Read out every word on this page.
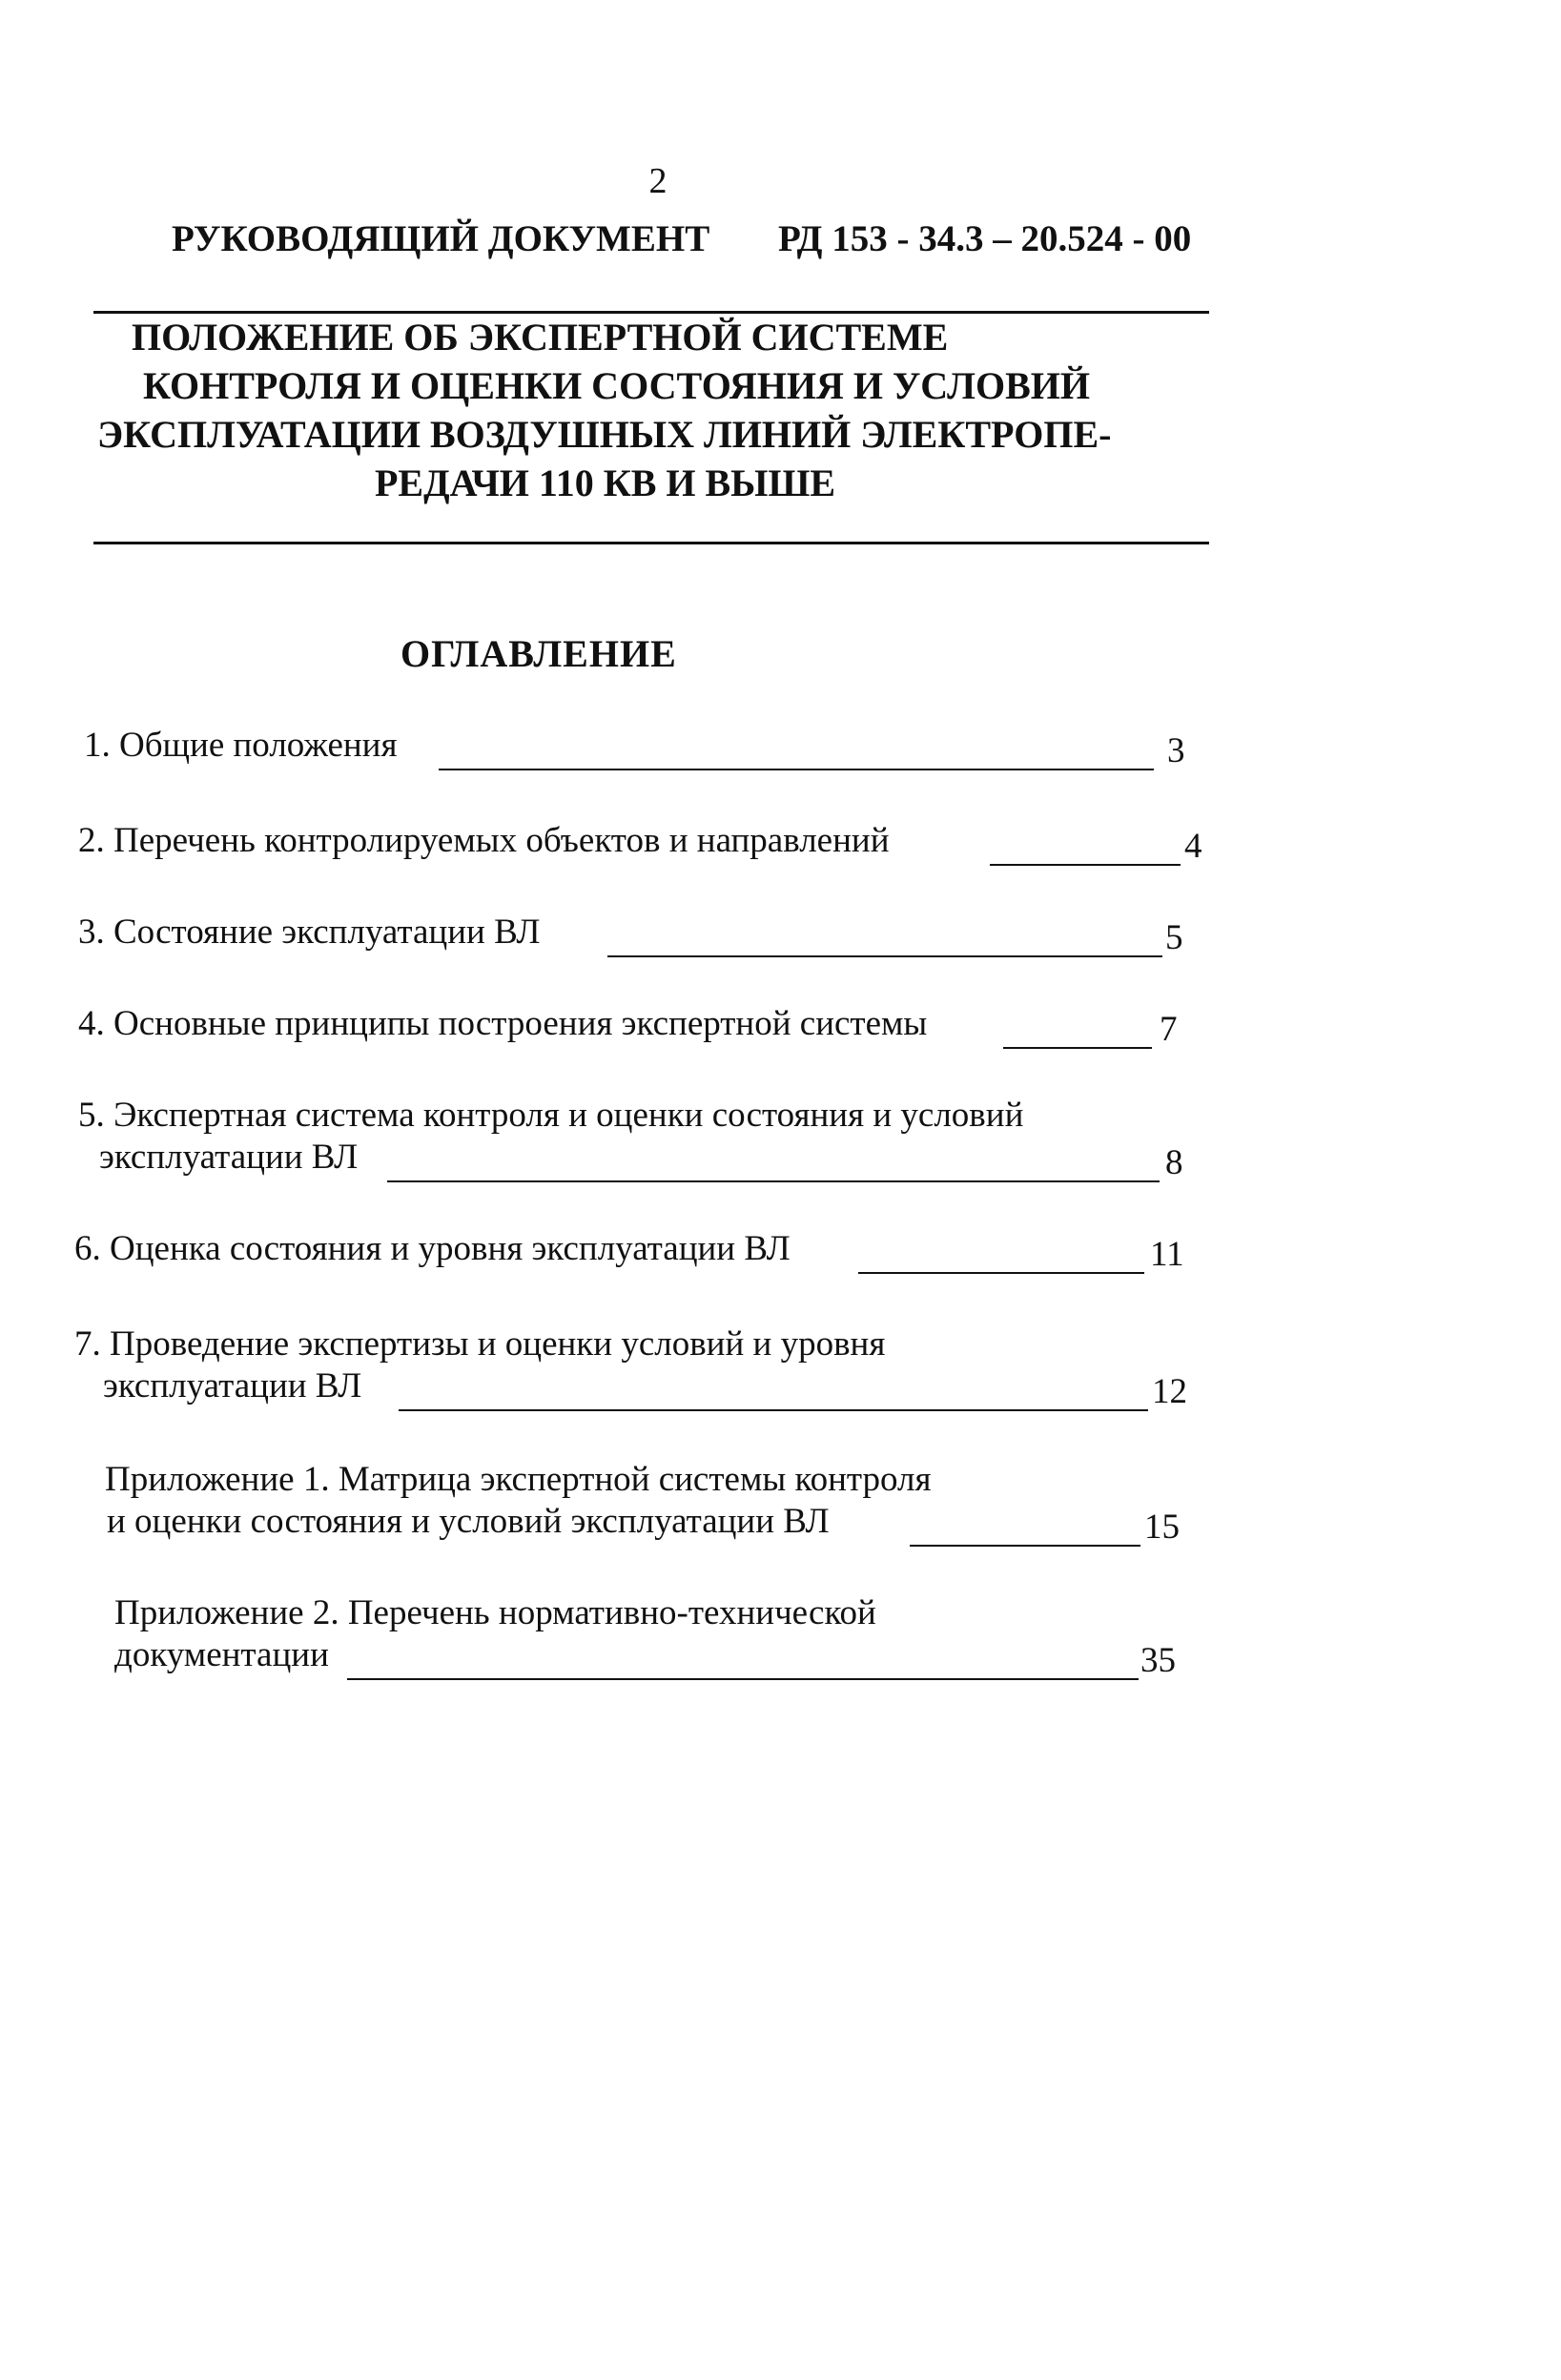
2
РУКОВОДЯЩИЙ ДОКУМЕНТ РД 153 - 34.3 – 20.524 - 00
ПОЛОЖЕНИЕ ОБ ЭКСПЕРТНОЙ СИСТЕМЕ
КОНТРОЛЯ И ОЦЕНКИ СОСТОЯНИЯ И УСЛОВИЙ
ЭКСПЛУАТАЦИИ ВОЗДУШНЫХ ЛИНИЙ ЭЛЕКТРОПЕ-
РЕДАЧИ 110 КВ И ВЫШЕ
ОГЛАВЛЕНИЕ
1. Общие положения	3
2. Перечень контролируемых объектов и направлений	4
3. Состояние эксплуатации ВЛ	5
4. Основные принципы построения экспертной системы	7
5. Экспертная система контроля и оценки состояния и условий
эксплуатации ВЛ	8
6. Оценка состояния и уровня эксплуатации ВЛ	11
7. Проведение экспертизы и оценки условий и уровня
эксплуатации ВЛ	12
Приложение 1. Матрица экспертной системы контроля
и оценки состояния и условий эксплуатации ВЛ	15
Приложение 2. Перечень нормативно-технической
документации	35
